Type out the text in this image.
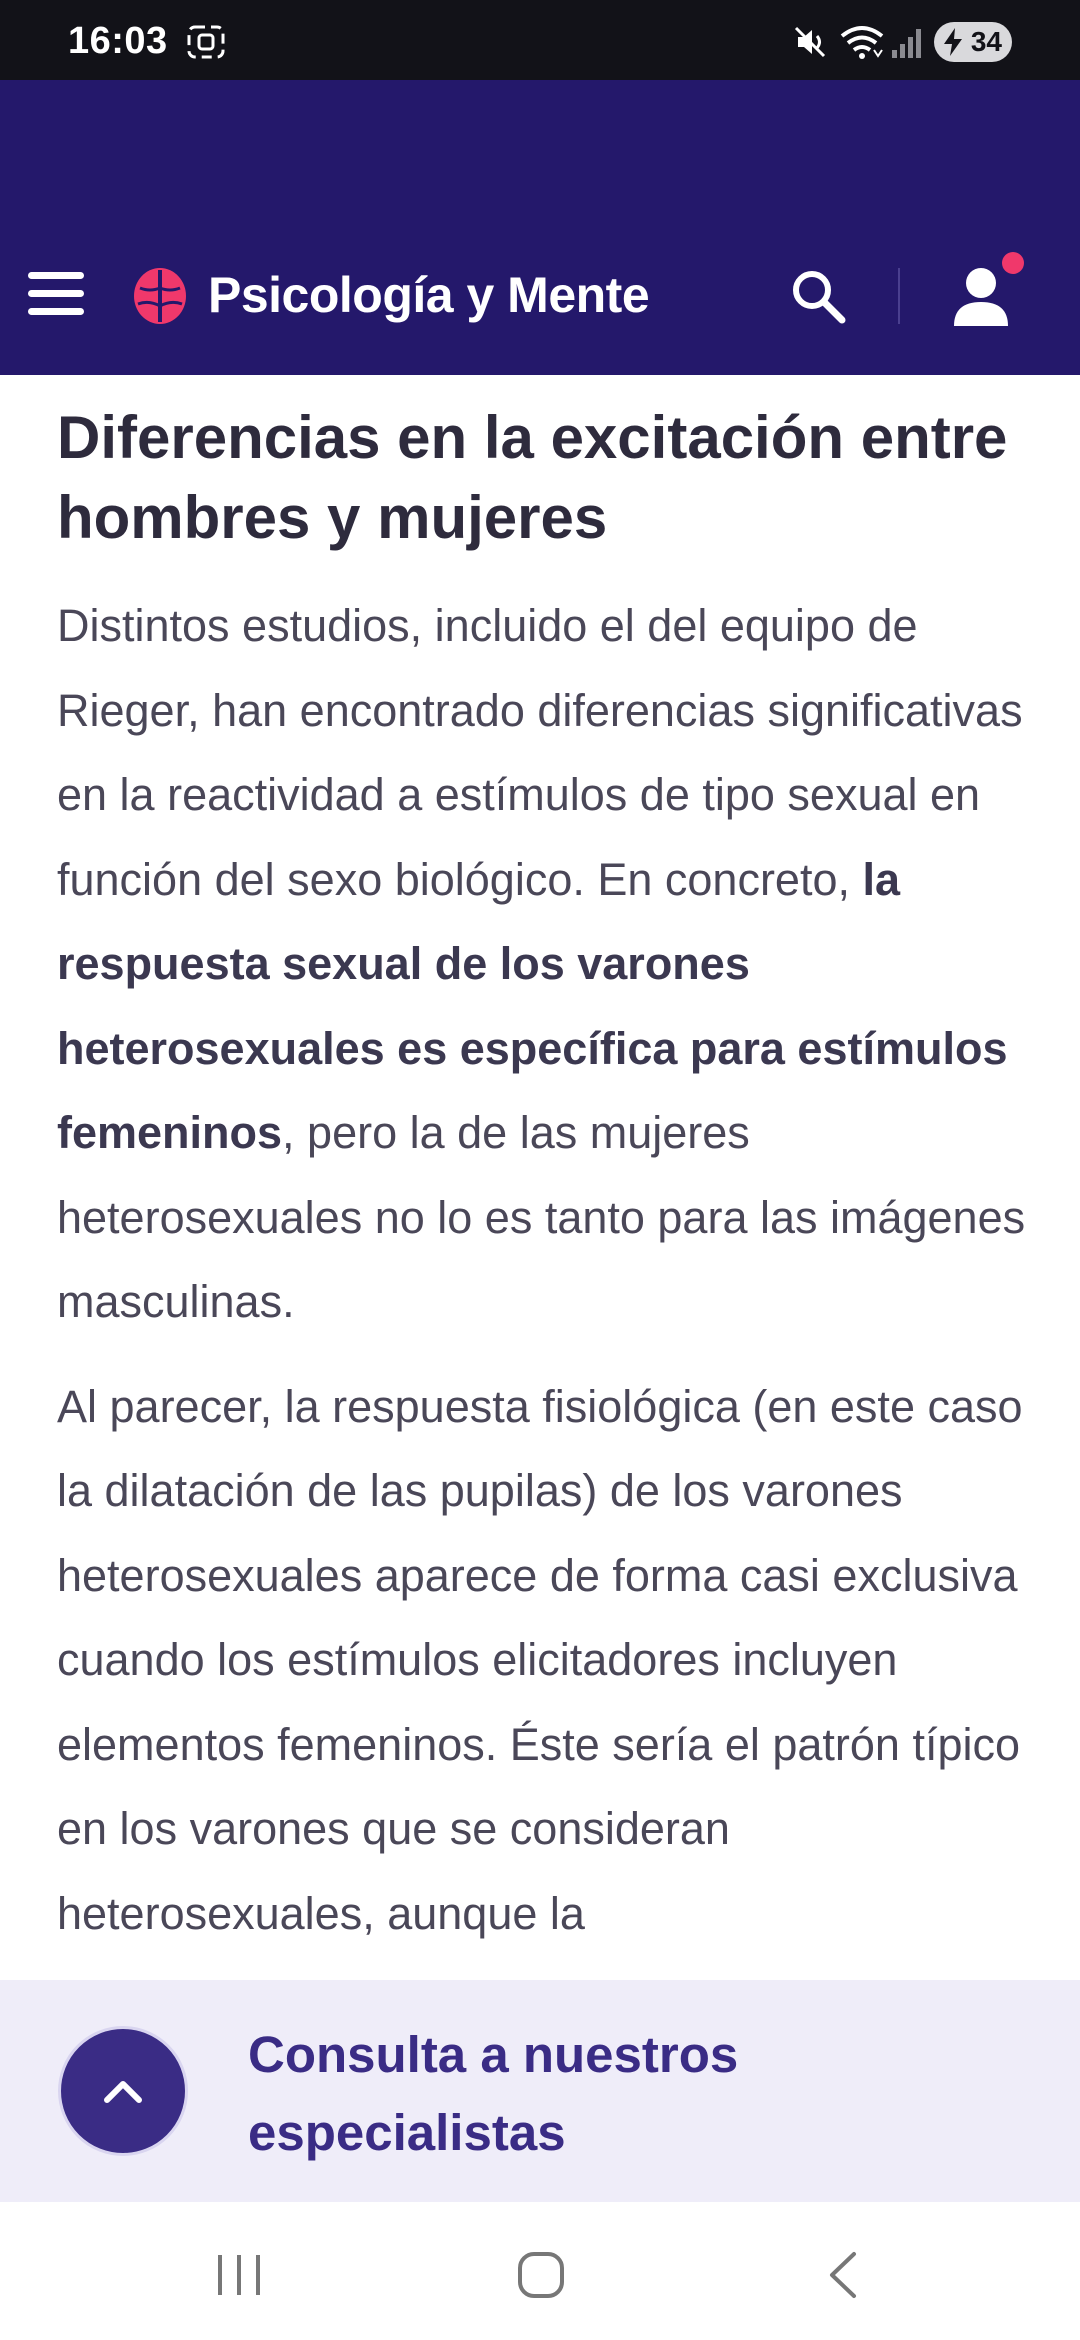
16:03	34
Psicología y Mente
Diferencias en la excitación entre hombres y mujeres

Distintos estudios, incluido el del equipo de Rieger, han encontrado diferencias significativas en la reactividad a estímulos de tipo sexual en función del sexo biológico. En concreto, la respuesta sexual de los varones heterosexuales es específica para estímulos femeninos, pero la de las mujeres heterosexuales no lo es tanto para las imágenes masculinas.

Al parecer, la respuesta fisiológica (en este caso la dilatación de las pupilas) de los varones heterosexuales aparece de forma casi exclusiva cuando los estímulos elicitadores incluyen elementos femeninos. Éste sería el patrón típico en los varones que se consideran heterosexuales, aunque la

Consulta a nuestros especialistas
